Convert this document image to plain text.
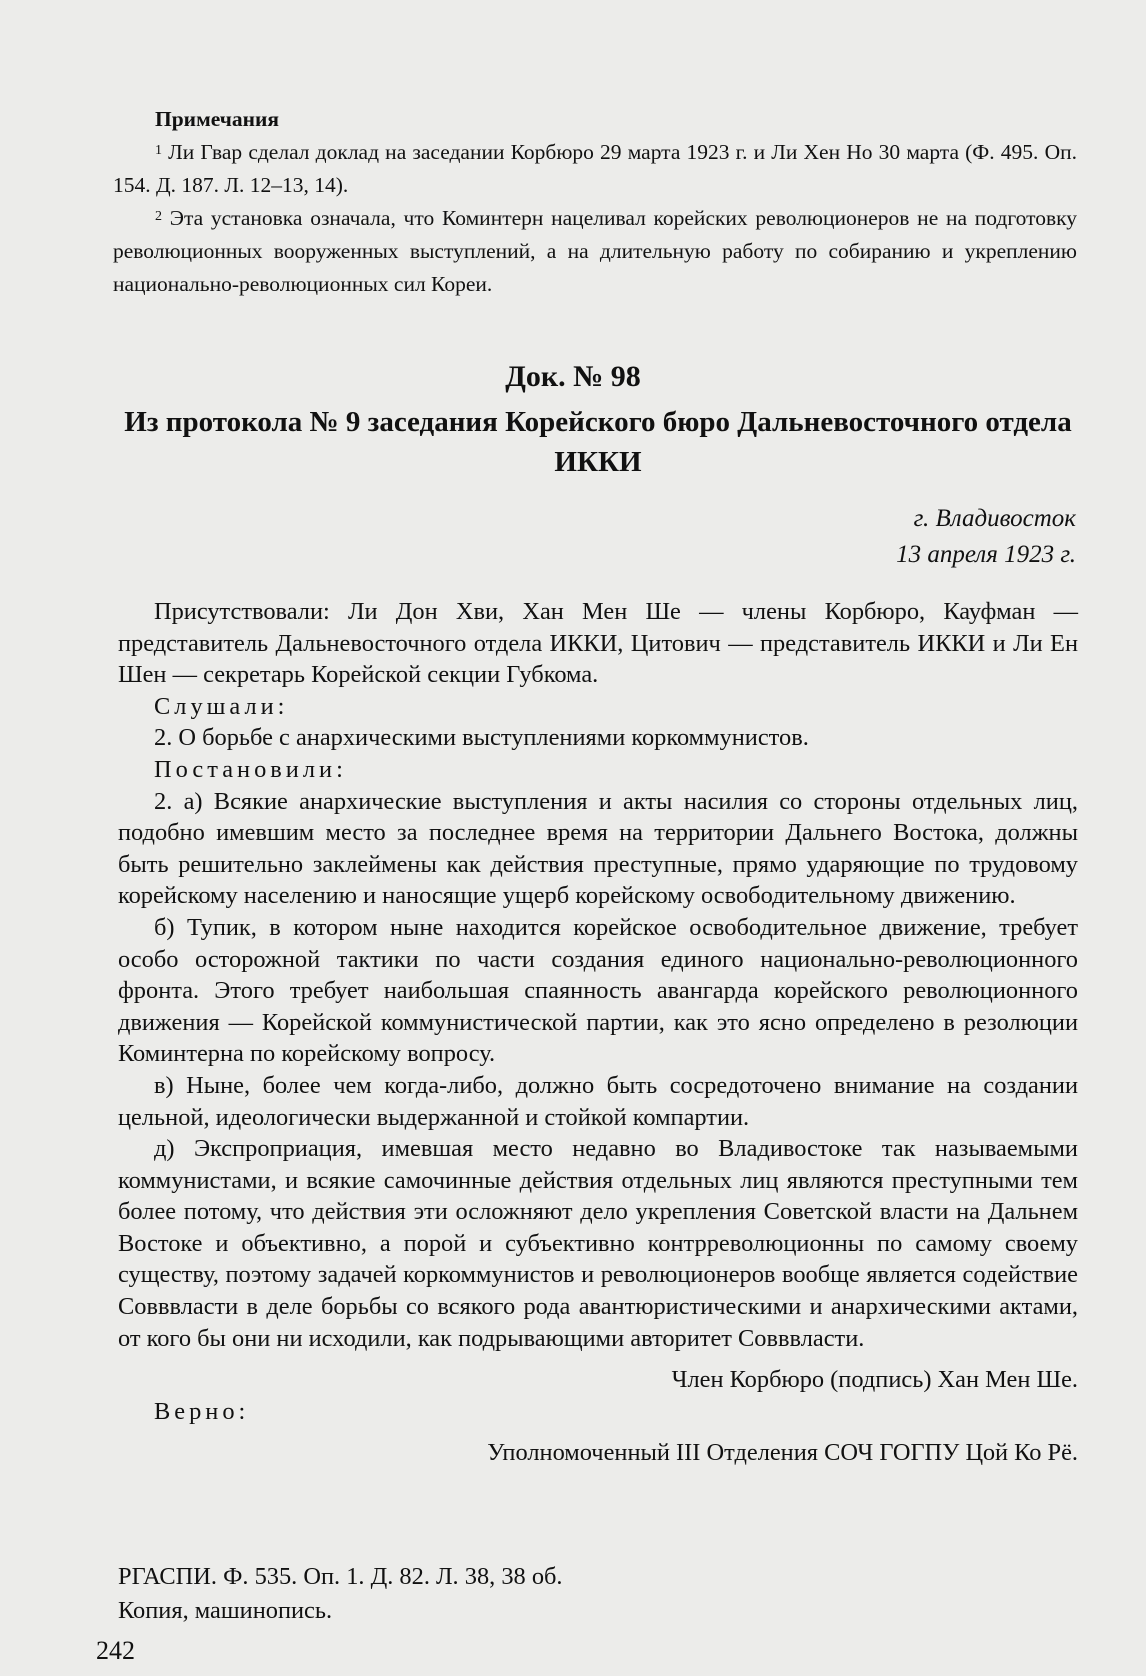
Примечания

$^1$ Ли Гвар сделал доклад на заседании Корбюро 29 марта 1923 г. и Ли Хен Но 30 марта (Ф. 495. Оп. 154. Д. 187. Л. 12–13, 14).

$^2$ Эта установка означала, что Коминтерн нацеливал корейских революционеров не на подготовку революционных вооруженных выступлений, а на длительную работу по собиранию и укреплению национально-революционных сил Кореи.

Док. № 98
Из протокола № 9 заседания Корейского бюро Дальневосточного отдела ИККИ
г. Владивосток
13 апреля 1923 г.

Присутствовали: Ли Дон Хви, Хан Мен Ше — члены Корбюро, Кауфман — представитель Дальневосточного отдела ИККИ, Цитович — представитель ИККИ и Ли Ен Шен — секретарь Корейской секции Губкома.

Слушали:

2. О борьбе с анархическими выступлениями коркоммунистов.

Постановили:

2. а) Всякие анархические выступления и акты насилия со стороны отдельных лиц, подобно имевшим место за последнее время на территории Дальнего Востока, должны быть решительно заклеймены как действия преступные, прямо ударяющие по трудовому корейскому населению и наносящие ущерб корейскому освободительному движению.

б) Тупик, в котором ныне находится корейское освободительное движение, требует особо осторожной тактики по части создания единого национально-революционного фронта. Этого требует наибольшая спаянность авангарда корейского революционного движения — Корейской коммунистической партии, как это ясно определено в резолюции Коминтерна по корейскому вопросу.

в) Ныне, более чем когда-либо, должно быть сосредоточено внимание на создании цельной, идеологически выдержанной и стойкой компартии.

д) Экспроприация, имевшая место недавно во Владивостоке так называемыми коммунистами, и всякие самочинные действия отдельных лиц являются преступными тем более потому, что действия эти осложняют дело укрепления Советской власти на Дальнем Востоке и объективно, а порой и субъективно контрреволюционны по самому своему существу, поэтому задачей коркоммунистов и революционеров вообще является содействие Совввласти в деле борьбы со всякого рода авантюристическими и анархическими актами, от кого бы они ни исходили, как подрывающими авторитет Совввласти.

Член Корбюро (подпись) Хан Мен Ше.

Верно:

Уполномоченный III Отделения СОЧ ГОГПУ Цой Ко Рё.

РГАСПИ. Ф. 535. Оп. 1. Д. 82. Л. 38, 38 об.
Копия, машинопись.
242
